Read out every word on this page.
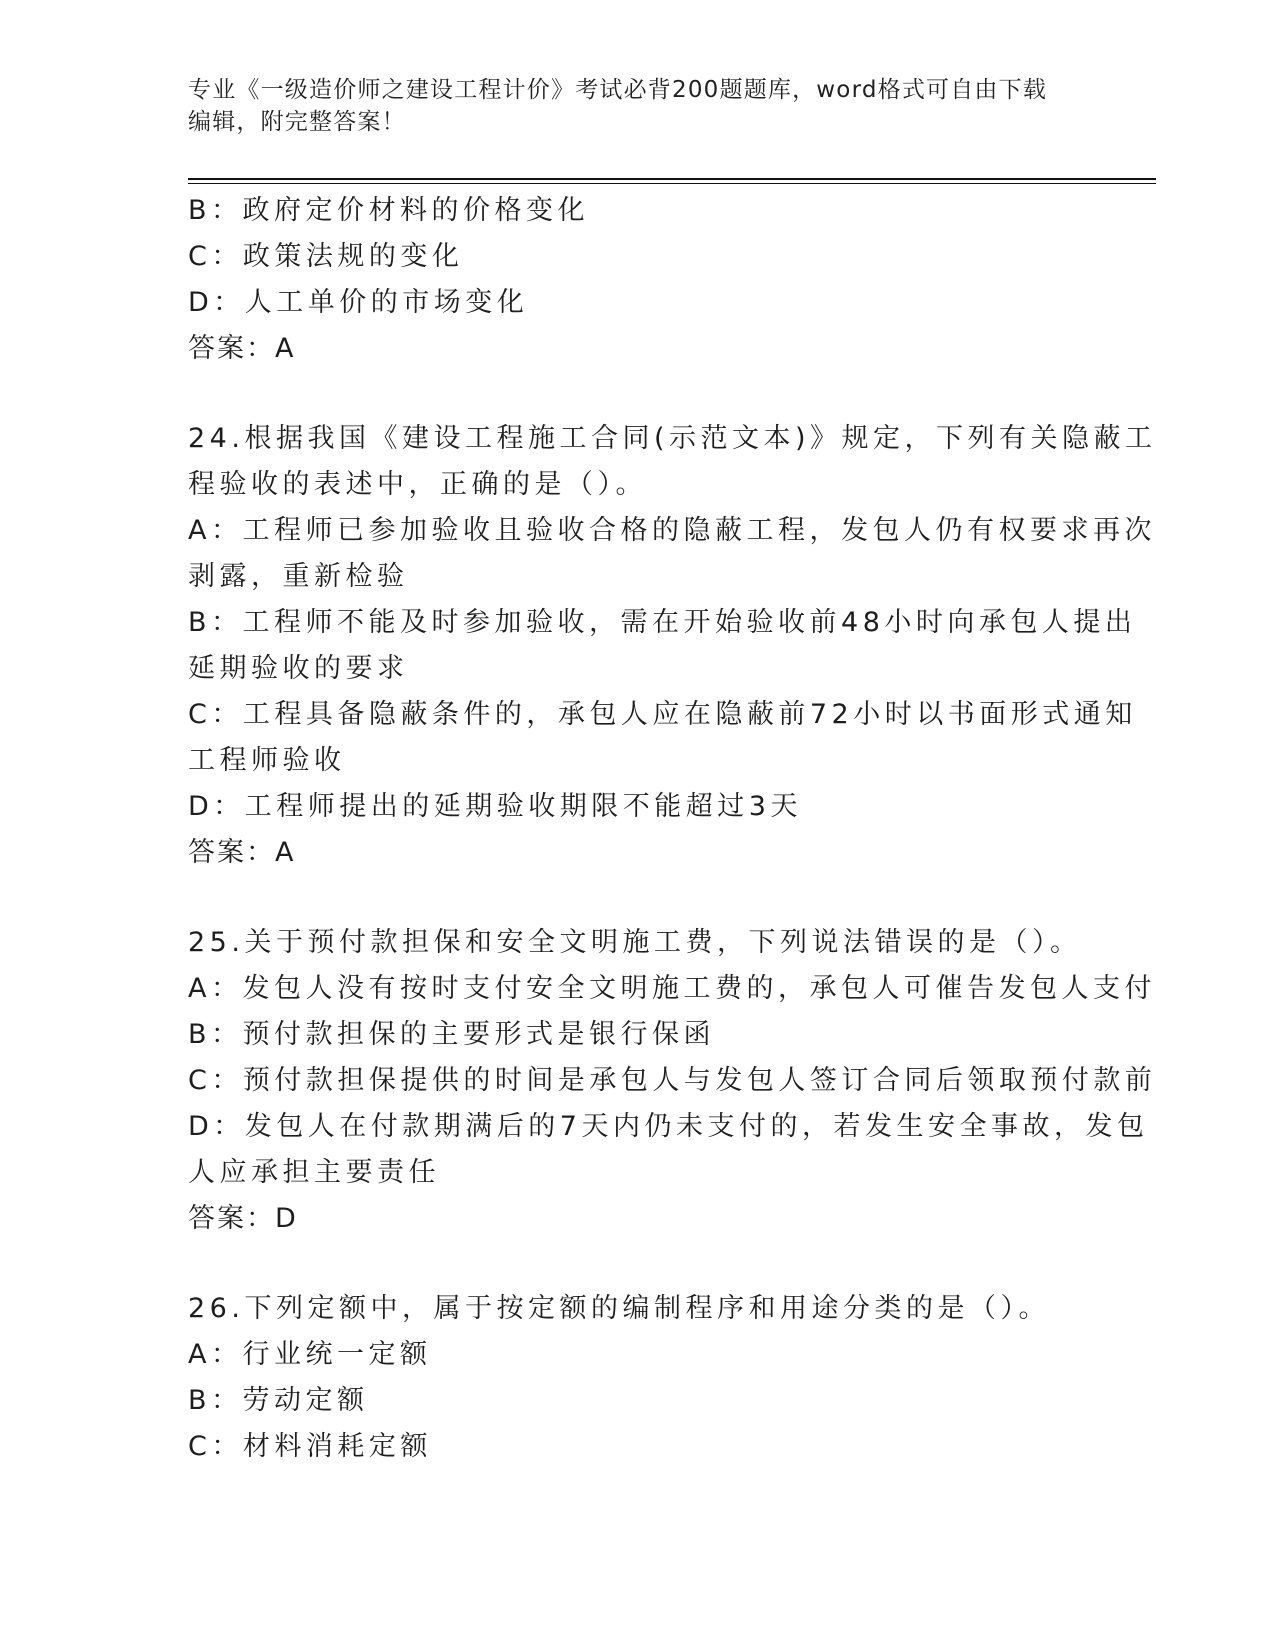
专业《一级造价师之建设工程计价》考试必背200题题库，word格式可自由下载
编辑，附完整答案！
B：政府定价材料的价格变化
C：政策法规的变化
D：人工单价的市场变化
答案：A
24.根据我国《建设工程施工合同(示范文本)》规定，下列有关隐蔽工
程验收的表述中，正确的是（）。
A：工程师已参加验收且验收合格的隐蔽工程，发包人仍有权要求再次
剥露，重新检验
B：工程师不能及时参加验收，需在开始验收前48小时向承包人提出
延期验收的要求
C：工程具备隐蔽条件的，承包人应在隐蔽前72小时以书面形式通知
工程师验收
D：工程师提出的延期验收期限不能超过3天
答案：A
25.关于预付款担保和安全文明施工费，下列说法错误的是（）。
A：发包人没有按时支付安全文明施工费的，承包人可催告发包人支付
B：预付款担保的主要形式是银行保函
C：预付款担保提供的时间是承包人与发包人签订合同后领取预付款前
D：发包人在付款期满后的7天内仍未支付的，若发生安全事故，发包
人应承担主要责任
答案：D
26.下列定额中，属于按定额的编制程序和用途分类的是（）。
A：行业统一定额
B：劳动定额
C：材料消耗定额
